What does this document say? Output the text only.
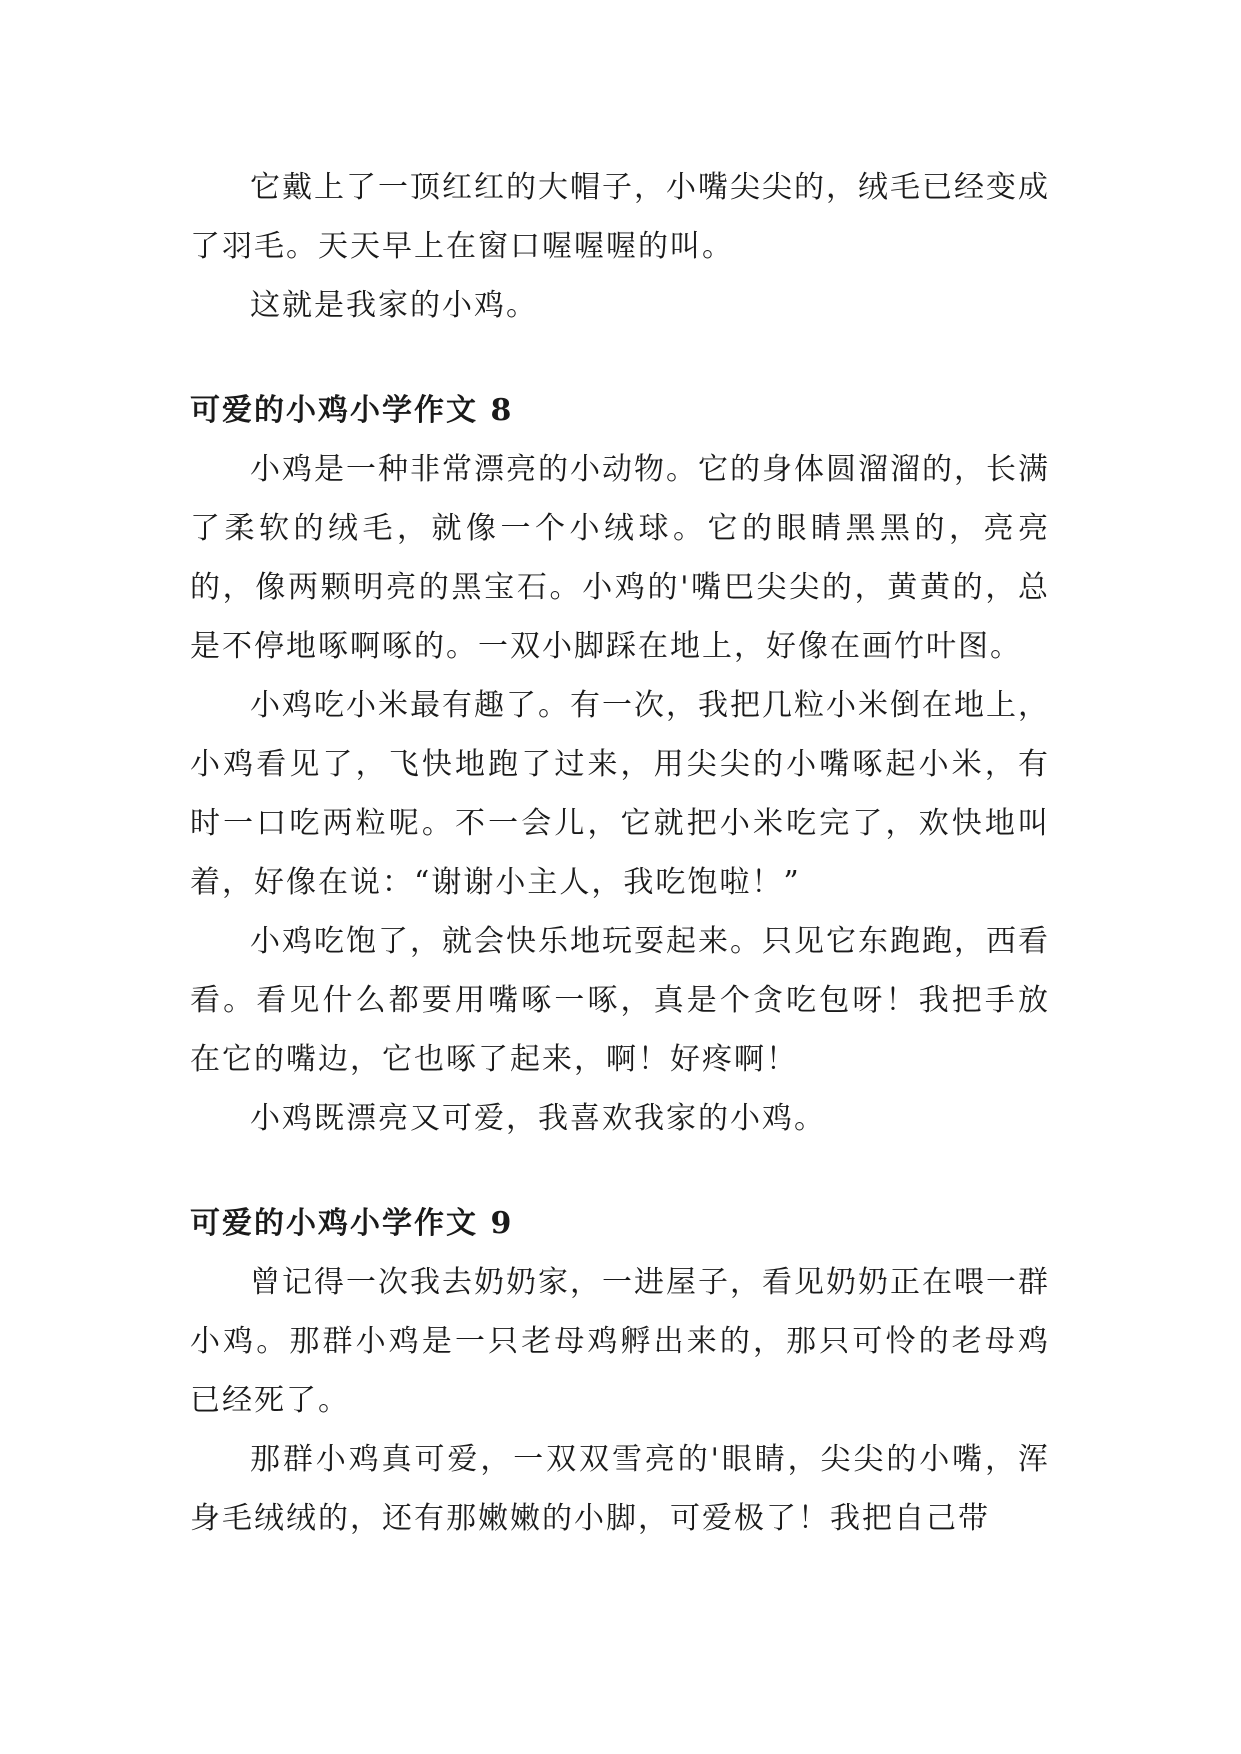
它戴上了一顶红红的大帽子，小嘴尖尖的，绒毛已经变成了羽毛。天天早上在窗口喔喔喔的叫。

这就是我家的小鸡。

可爱的小鸡小学作文 8

小鸡是一种非常漂亮的小动物。它的身体圆溜溜的，长满了柔软的绒毛，就像一个小绒球。它的眼睛黑黑的，亮亮的，像两颗明亮的黑宝石。小鸡的'嘴巴尖尖的，黄黄的，总是不停地啄啊啄的。一双小脚踩在地上，好像在画竹叶图。

小鸡吃小米最有趣了。有一次，我把几粒小米倒在地上，小鸡看见了，飞快地跑了过来，用尖尖的小嘴啄起小米，有时一口吃两粒呢。不一会儿，它就把小米吃完了，欢快地叫着，好像在说：“谢谢小主人，我吃饱啦！”

小鸡吃饱了，就会快乐地玩耍起来。只见它东跑跑，西看看。看见什么都要用嘴啄一啄，真是个贪吃包呀！我把手放在它的嘴边，它也啄了起来，啊！好疼啊！

小鸡既漂亮又可爱，我喜欢我家的小鸡。

可爱的小鸡小学作文 9

曾记得一次我去奶奶家，一进屋子，看见奶奶正在喂一群小鸡。那群小鸡是一只老母鸡孵出来的，那只可怜的老母鸡已经死了。

那群小鸡真可爱，一双双雪亮的'眼睛，尖尖的小嘴，浑身毛绒绒的，还有那嫩嫩的小脚，可爱极了！我把自己带
